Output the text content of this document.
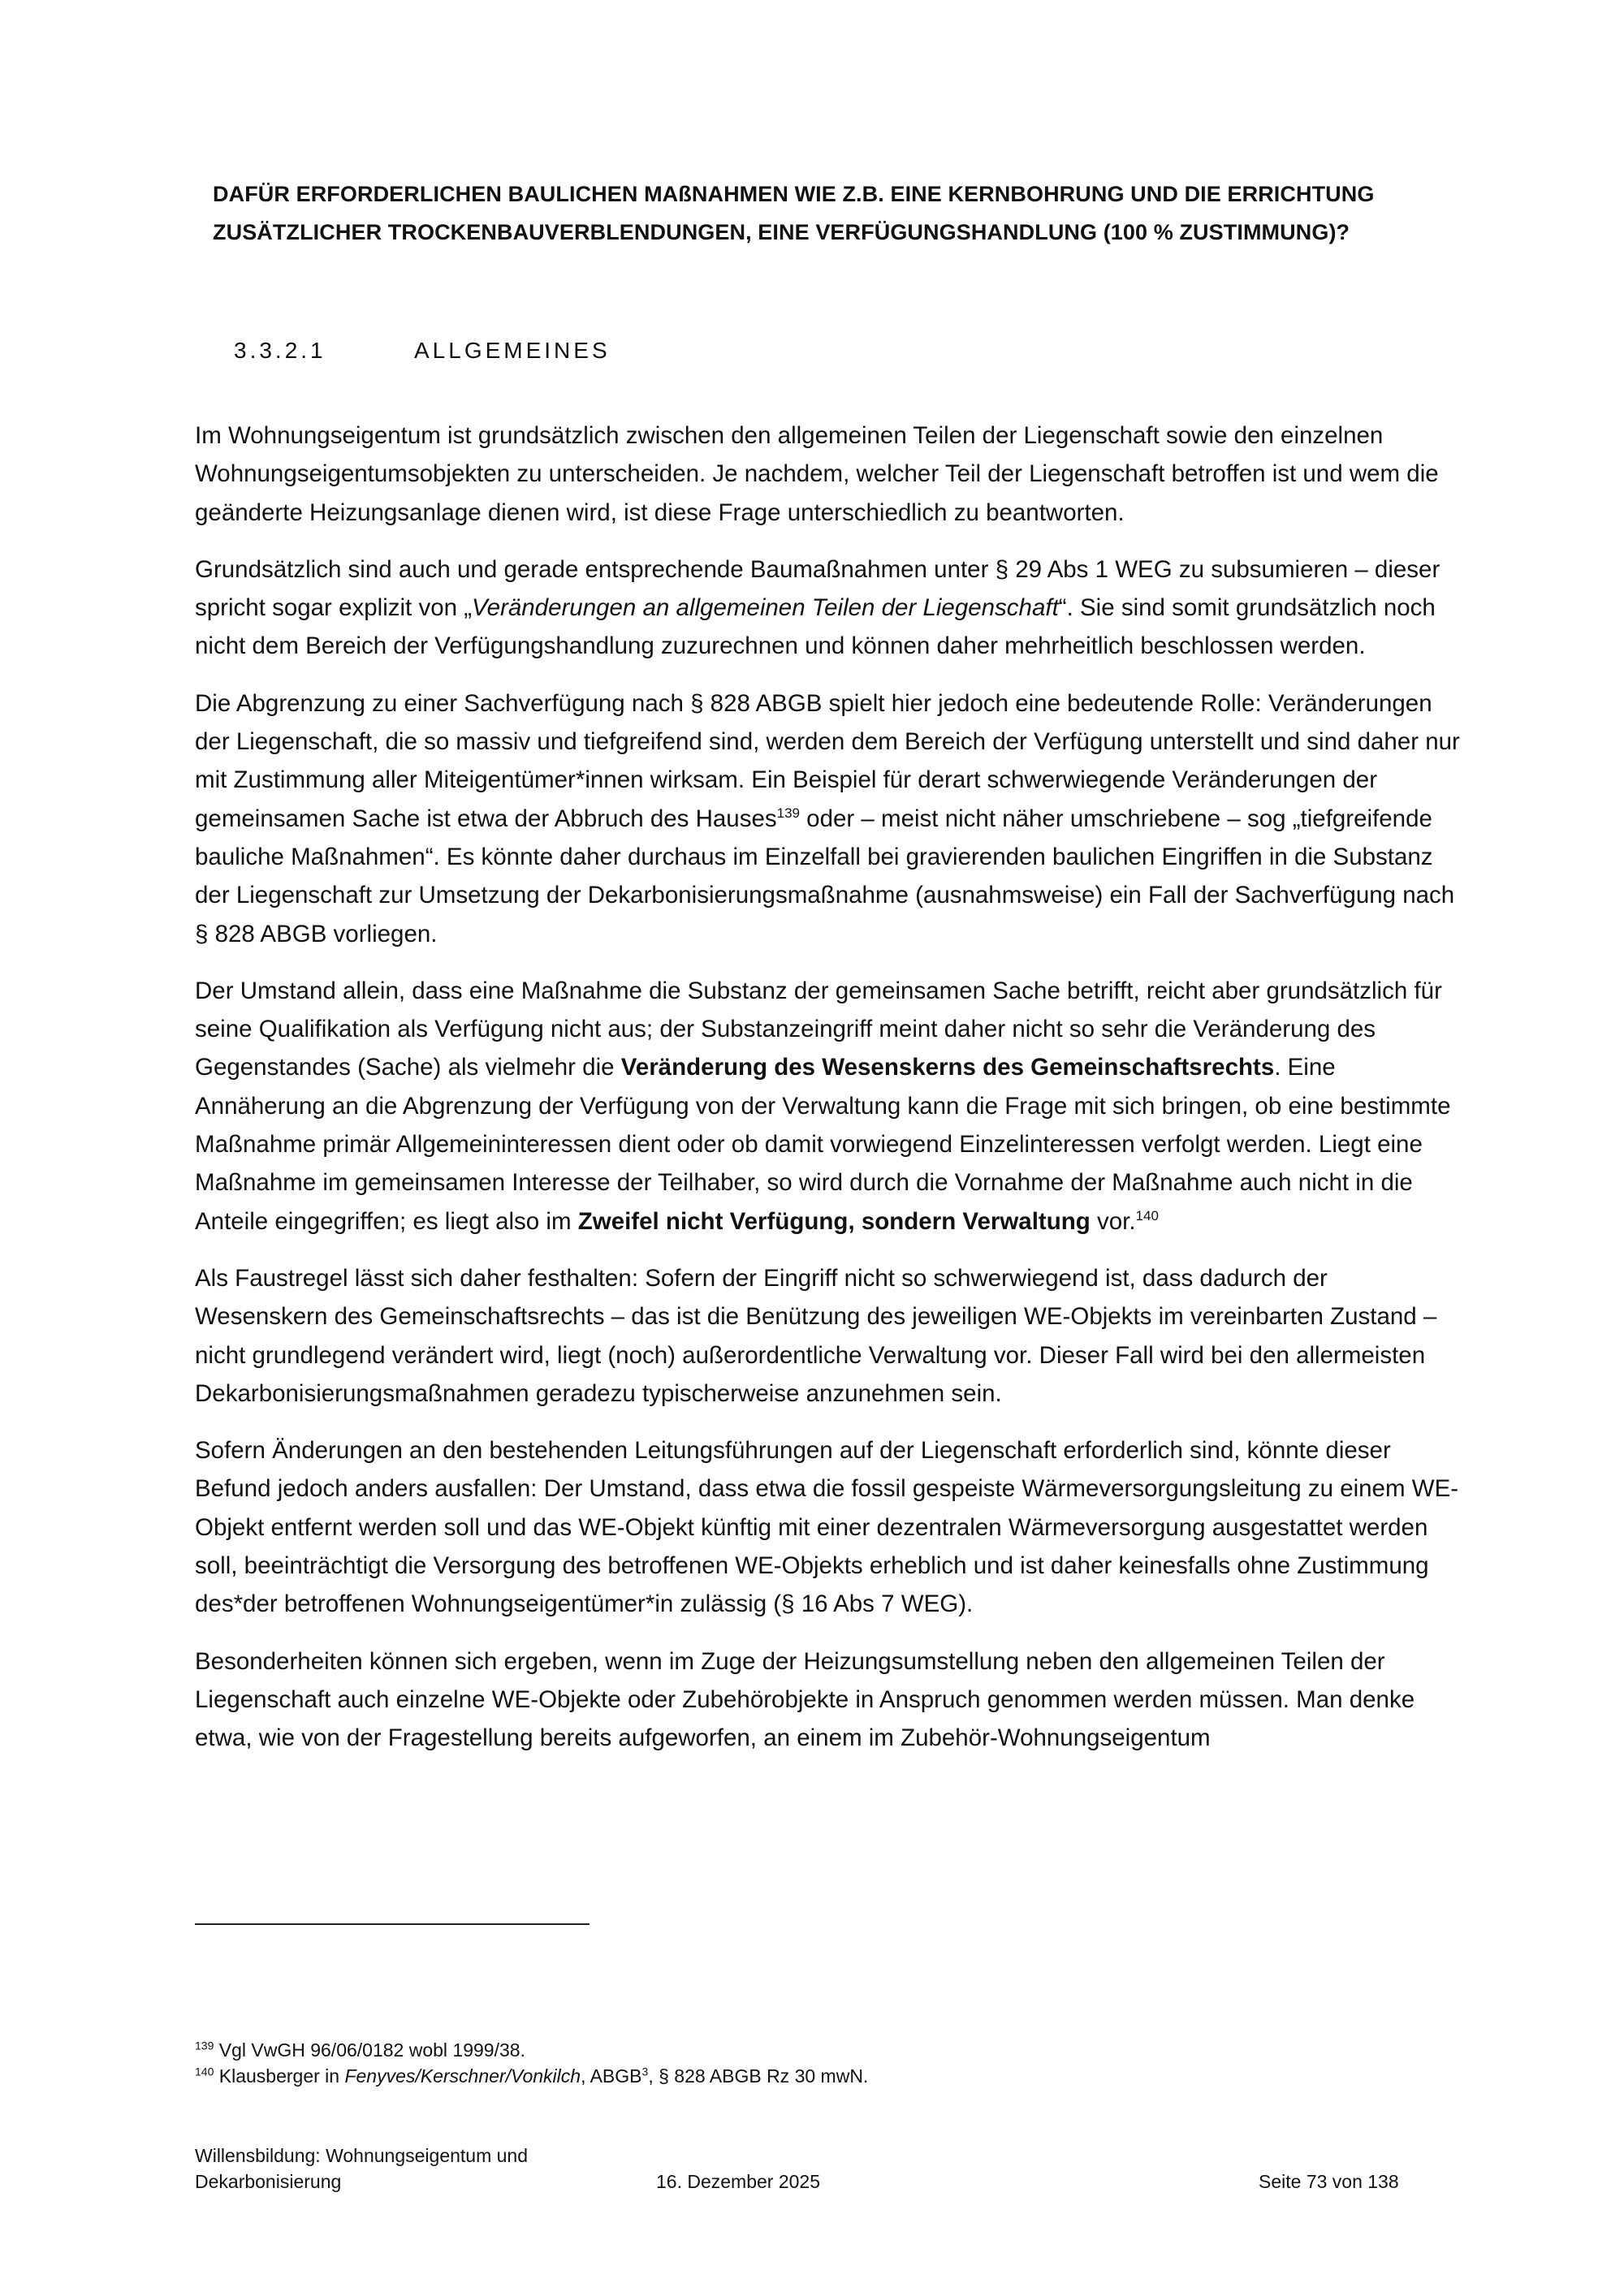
DAFÜR ERFORDERLICHEN BAULICHEN MAßNAHMEN WIE Z.B. EINE KERNBOHRUNG UND DIE ERRICHTUNG
ZUSÄTZLICHER TROCKENBAUVERBLENDUNGEN, EINE VERFÜGUNGSHANDLUNG (100 % ZUSTIMMUNG)?
3.3.2.1	ALLGEMEINES

Im Wohnungseigentum ist grundsätzlich zwischen den allgemeinen Teilen der Liegenschaft sowie den einzelnen Wohnungseigentumsobjekten zu unterscheiden. Je nachdem, welcher Teil der Liegenschaft betroffen ist und wem die geänderte Heizungsanlage dienen wird, ist diese Frage unterschiedlich zu beantworten.

Grundsätzlich sind auch und gerade entsprechende Baumaßnahmen unter § 29 Abs 1 WEG zu subsumieren – dieser spricht sogar explizit von „Veränderungen an allgemeinen Teilen der Liegenschaft“. Sie sind somit grundsätzlich noch nicht dem Bereich der Verfügungshandlung zuzurechnen und können daher mehrheitlich beschlossen werden.

Die Abgrenzung zu einer Sachverfügung nach § 828 ABGB spielt hier jedoch eine bedeutende Rolle: Veränderungen der Liegenschaft, die so massiv und tiefgreifend sind, werden dem Bereich der Verfügung unterstellt und sind daher nur mit Zustimmung aller Miteigentümer*innen wirksam. Ein Beispiel für derart schwerwiegende Veränderungen der gemeinsamen Sache ist etwa der Abbruch des Hauses$^{139}$ oder – meist nicht näher umschriebene – sog „tiefgreifende bauliche Maßnahmen“. Es könnte daher durchaus im Einzelfall bei gravierenden baulichen Eingriffen in die Substanz der Liegenschaft zur Umsetzung der Dekarbonisierungsmaßnahme (ausnahmsweise) ein Fall der Sachverfügung nach § 828 ABGB vorliegen.

Der Umstand allein, dass eine Maßnahme die Substanz der gemeinsamen Sache betrifft, reicht aber grundsätzlich für seine Qualifikation als Verfügung nicht aus; der Substanzeingriff meint daher nicht so sehr die Veränderung des Gegenstandes (Sache) als vielmehr die Veränderung des Wesenskerns des Gemeinschaftsrechts. Eine Annäherung an die Abgrenzung der Verfügung von der Verwaltung kann die Frage mit sich bringen, ob eine bestimmte Maßnahme primär Allgemeininteressen dient oder ob damit vorwiegend Einzelinteressen verfolgt werden. Liegt eine Maßnahme im gemeinsamen Interesse der Teilhaber, so wird durch die Vornahme der Maßnahme auch nicht in die Anteile eingegriffen; es liegt also im Zweifel nicht Verfügung, sondern Verwaltung vor.$^{140}$

Als Faustregel lässt sich daher festhalten: Sofern der Eingriff nicht so schwerwiegend ist, dass dadurch der Wesenskern des Gemeinschaftsrechts – das ist die Benützung des jeweiligen WE-Objekts im vereinbarten Zustand – nicht grundlegend verändert wird, liegt (noch) außerordentliche Verwaltung vor. Dieser Fall wird bei den allermeisten Dekarbonisierungsmaßnahmen geradezu typischerweise anzunehmen sein.

Sofern Änderungen an den bestehenden Leitungsführungen auf der Liegenschaft erforderlich sind, könnte dieser Befund jedoch anders ausfallen: Der Umstand, dass etwa die fossil gespeiste Wärmeversorgungsleitung zu einem WE-Objekt entfernt werden soll und das WE-Objekt künftig mit einer dezentralen Wärmeversorgung ausgestattet werden soll, beeinträchtigt die Versorgung des betroffenen WE-Objekts erheblich und ist daher keinesfalls ohne Zustimmung des*der betroffenen Wohnungseigentümer*in zulässig (§ 16 Abs 7 WEG).

Besonderheiten können sich ergeben, wenn im Zuge der Heizungsumstellung neben den allgemeinen Teilen der Liegenschaft auch einzelne WE-Objekte oder Zubehörobjekte in Anspruch genommen werden müssen. Man denke etwa, wie von der Fragestellung bereits aufgeworfen, an einem im Zubehör-Wohnungseigentum

$^{139}$ Vgl VwGH 96/06/0182 wobl 1999/38.
$^{140}$ Klausberger in Fenyves/Kerschner/Vonkilch, ABGB$^3$, § 828 ABGB Rz 30 mwN.
Willensbildung: Wohnungseigentum und
Dekarbonisierung	16. Dezember 2025	Seite 73 von 138
